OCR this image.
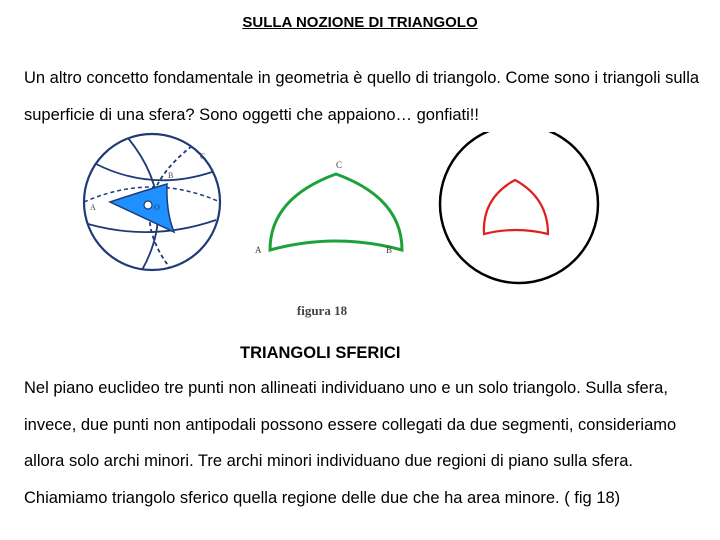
SULLA NOZIONE DI TRIANGOLO
Un altro concetto fondamentale in geometria è quello di triangolo. Come sono i triangoli sulla superficie di una sfera? Sono oggetti che appaiono… gonfiati!!
O
C
A
B
C
A	B
figura 18
TRIANGOLI SFERICI
Nel piano euclideo tre punti non allineati individuano uno e un solo triangolo. Sulla sfera, invece, due punti non antipodali possono essere collegati da due segmenti, consideriamo allora solo archi minori. Tre archi minori individuano due regioni di piano sulla sfera. Chiamiamo triangolo sferico quella regione delle due che ha area minore. ( fig 18)
